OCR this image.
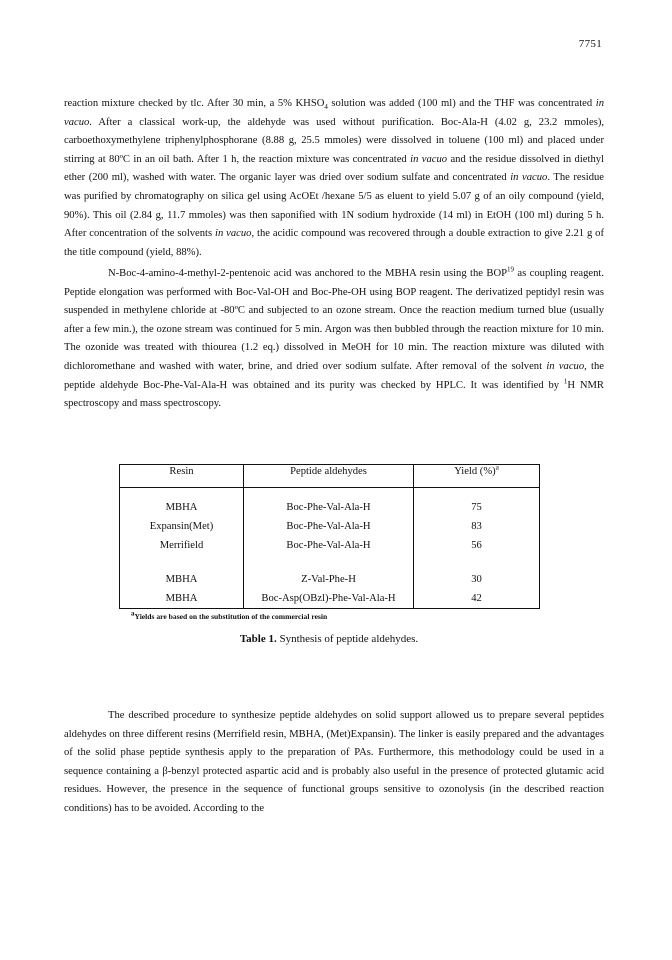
7751

reaction mixture checked by tlc. After 30 min, a 5% $KHSO_4$ solution was added (100 ml) and the THF was concentrated in vacuo. After a classical work-up, the aldehyde was used without purification. Boc-Ala-H (4.02 g, 23.2 mmoles), carboethoxymethylene triphenylphosphorane (8.88 g, 25.5 mmoles) were dissolved in toluene (100 ml) and placed under stirring at 80ºC in an oil bath. After 1 h, the reaction mixture was concentrated in vacuo and the residue dissolved in diethyl ether (200 ml), washed with water. The organic layer was dried over sodium sulfate and concentrated in vacuo. The residue was purified by chromatography on silica gel using AcOEt /hexane 5/5 as eluent to yield 5.07 g of an oily compound (yield, 90%). This oil (2.84 g, 11.7 mmoles) was then saponified with 1N sodium hydroxide (14 ml) in EtOH (100 ml) during 5 h. After concentration of the solvents in vacuo, the acidic compound was recovered through a double extraction to give 2.21 g of the title compound (yield, 88%).

N-Boc-4-amino-4-methyl-2-pentenoic acid was anchored to the MBHA resin using the BOP$^{19}$ as coupling reagent. Peptide elongation was performed with Boc-Val-OH and Boc-Phe-OH using BOP reagent. The derivatized peptidyl resin was suspended in methylene chloride at -80ºC and subjected to an ozone stream. Once the reaction medium turned blue (usually after a few min.), the ozone stream was continued for 5 min. Argon was then bubbled through the reaction mixture for 10 min. The ozonide was treated with thiourea (1.2 eq.) dissolved in MeOH for 10 min. The reaction mixture was diluted with dichloromethane and washed with water, brine, and dried over sodium sulfate. After removal of the solvent in vacuo, the peptide aldehyde Boc-Phe-Val-Ala-H was obtained and its purity was checked by HPLC. It was identified by $^1$H NMR spectroscopy and mass spectroscopy.

Resin	Peptide aldehydes	Yield (%)$^a$

MBHA	Boc-Phe-Val-Ala-H	75
Expansin(Met)	Boc-Phe-Val-Ala-H	83
Merrifield	Boc-Phe-Val-Ala-H	56

MBHA	Z-Val-Phe-H	30
MBHA	Boc-Asp(OBzl)-Phe-Val-Ala-H	42
$^a$Yields are based on the substitution of the commercial resin
Table 1. Synthesis of peptide aldehydes.

The described procedure to synthesize peptide aldehydes on solid support allowed us to prepare several peptides aldehydes on three different resins (Merrifield resin, MBHA, (Met)Expansin). The linker is easily prepared and the advantages of the solid phase peptide synthesis apply to the preparation of PAs. Furthermore, this methodology could be used in a sequence containing a β-benzyl protected aspartic acid and is probably also useful in the presence of protected glutamic acid residues. However, the presence in the sequence of functional groups sensitive to ozonolysis (in the described reaction conditions) has to be avoided. According to the
